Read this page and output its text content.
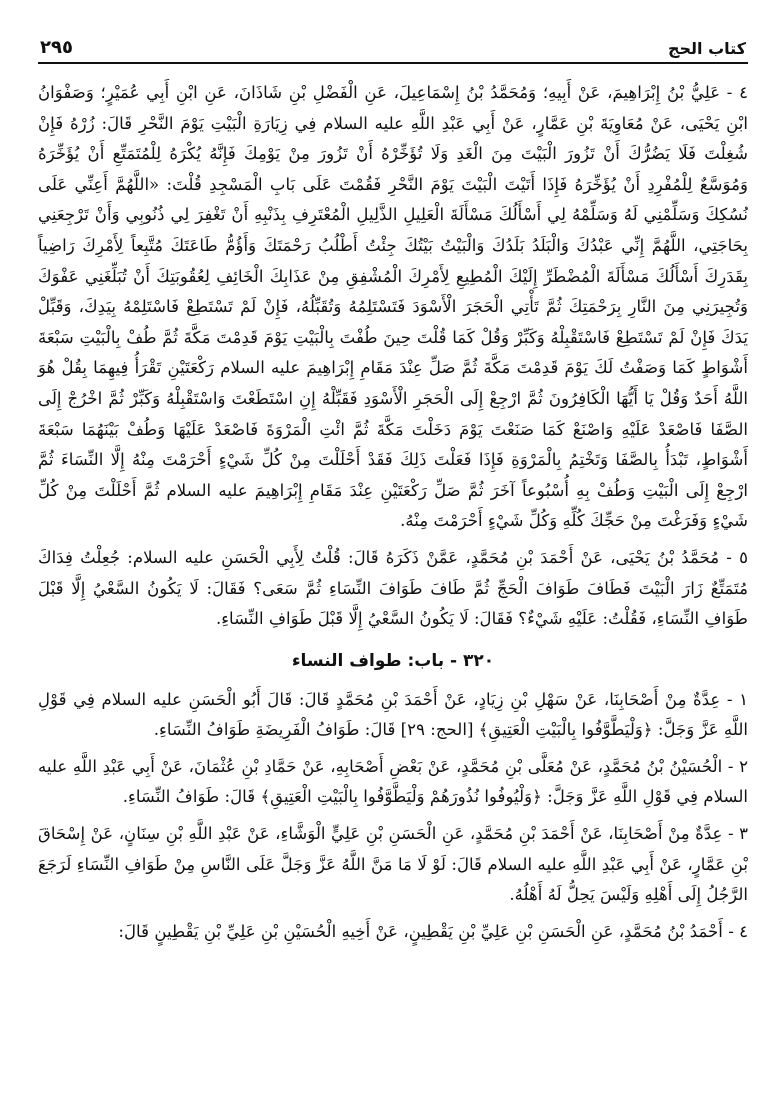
كتاب الحج
٢٩٥

٤ - عَلِيُّ بْنُ إِبْرَاهِيمَ، عَنْ أَبِيهِ؛ وَمُحَمَّدُ بْنُ إِسْمَاعِيلَ، عَنِ الْفَضْلِ بْنِ شَاذَانَ، عَنِ ابْنِ أَبِي عُمَيْرٍ؛ وَصَفْوَانُ ابْنِ يَحْيَى، عَنْ مُعَاوِيَةَ بْنِ عَمَّارٍ، عَنْ أَبِي عَبْدِ اللَّهِ عليه السلام فِي زِيَارَةِ الْبَيْتِ يَوْمَ النَّحْرِ قَالَ: زُرْهُ فَإِنْ شُغِلْتَ فَلَا يَضُرُّكَ أَنْ تَزُورَ الْبَيْتَ مِنَ الْغَدِ وَلَا تُؤَخِّرْهُ أَنْ تَزُورَ مِنْ يَوْمِكَ فَإِنَّهُ يُكْرَهُ لِلْمُتَمَتِّعِ أَنْ يُؤَخِّرَهُ وَمُوَسَّعٌ لِلْمُفْرِدِ أَنْ يُؤَخِّرَهُ فَإِذَا أَتَيْتَ الْبَيْتَ يَوْمَ النَّحْرِ فَقُمْتَ عَلَى بَابِ الْمَسْجِدِ قُلْتَ: «اللَّهُمَّ أَعِنِّي عَلَى نُسُكِكَ وَسَلِّمْنِي لَهُ وَسَلِّمْهُ لِي أَسْأَلُكَ مَسْأَلَةَ الْعَلِيلِ الذَّلِيلِ الْمُعْتَرِفِ بِذَنْبِهِ أَنْ تَغْفِرَ لِي ذُنُوبِي وَأَنْ تَرْجِعَنِي بِحَاجَتِي، اللَّهُمَّ إِنِّي عَبْدُكَ وَالْبَلَدُ بَلَدُكَ وَالْبَيْتُ بَيْتُكَ جِئْتُ أَطْلُبُ رَحْمَتَكَ وَأَؤُمُّ طَاعَتَكَ مُتَّبِعاً لِأَمْرِكَ رَاضِياً بِقَدَرِكَ أَسْأَلُكَ مَسْأَلَةَ الْمُضْطَرِّ إِلَيْكَ الْمُطِيعِ لِأَمْرِكَ الْمُشْفِقِ مِنْ عَذَابِكَ الْخَائِفِ لِعُقُوبَتِكَ أَنْ تُبَلِّغَنِي عَفْوَكَ وَتُجِيرَنِي مِنَ النَّارِ بِرَحْمَتِكَ ثُمَّ تَأْتِي الْحَجَرَ الْأَسْوَدَ فَتَسْتَلِمُهُ وَتُقَبِّلُهُ، فَإِنْ لَمْ تَسْتَطِعْ فَاسْتَلِمْهُ بِيَدِكَ، وَقَبِّلْ يَدَكَ فَإِنْ لَمْ تَسْتَطِعْ فَاسْتَقْبِلْهُ وَكَبِّرْ وَقُلْ كَمَا قُلْتَ حِينَ طُفْتَ بِالْبَيْتِ يَوْمَ قَدِمْتَ مَكَّةَ ثُمَّ طُفْ بِالْبَيْتِ سَبْعَةَ أَشْوَاطٍ كَمَا وَصَفْتُ لَكَ يَوْمَ قَدِمْتَ مَكَّةَ ثُمَّ صَلِّ عِنْدَ مَقَامِ إِبْرَاهِيمَ عليه السلام رَكْعَتَيْنِ تَقْرَأُ فِيهِمَا بِقُلْ هُوَ اللَّهُ أَحَدٌ وَقُلْ يَا أَيُّهَا الْكَافِرُونَ ثُمَّ ارْجِعْ إِلَى الْحَجَرِ الْأَسْوَدِ فَقَبِّلْهُ إِنِ اسْتَطَعْتَ وَاسْتَقْبِلْهُ وَكَبِّرْ ثُمَّ اخْرُجْ إِلَى الصَّفَا فَاصْعَدْ عَلَيْهِ وَاصْنَعْ كَمَا صَنَعْتَ يَوْمَ دَخَلْتَ مَكَّةَ ثُمَّ ائْتِ الْمَرْوَةَ فَاصْعَدْ عَلَيْهَا وَطُفْ بَيْنَهُمَا سَبْعَةَ أَشْوَاطٍ، تَبْدَأُ بِالصَّفَا وَتَخْتِمُ بِالْمَرْوَةِ فَإِذَا فَعَلْتَ ذَلِكَ فَقَدْ أَحْلَلْتَ مِنْ كُلِّ شَيْءٍ أَحْرَمْتَ مِنْهُ إِلَّا النِّسَاءَ ثُمَّ ارْجِعْ إِلَى الْبَيْتِ وَطُفْ بِهِ أُسْبُوعاً آخَرَ ثُمَّ صَلِّ رَكْعَتَيْنِ عِنْدَ مَقَامِ إِبْرَاهِيمَ عليه السلام ثُمَّ أَحْلَلْتَ مِنْ كُلِّ شَيْءٍ وَفَرَغْتَ مِنْ حَجِّكَ كُلِّهِ وَكُلِّ شَيْءٍ أَحْرَمْتَ مِنْهُ.

٥ - مُحَمَّدُ بْنُ يَحْيَى، عَنْ أَحْمَدَ بْنِ مُحَمَّدٍ، عَمَّنْ ذَكَرَهُ قَالَ: قُلْتُ لِأَبِي الْحَسَنِ عليه السلام: جُعِلْتُ فِدَاكَ مُتَمَتِّعٌ زَارَ الْبَيْتَ فَطَافَ طَوَافَ الْحَجِّ ثُمَّ طَافَ طَوَافَ النِّسَاءِ ثُمَّ سَعَى؟ فَقَالَ: لَا يَكُونُ السَّعْيُ إِلَّا قَبْلَ طَوَافِ النِّسَاءِ، فَقُلْتُ: عَلَيْهِ شَيْءٌ؟ فَقَالَ: لَا يَكُونُ السَّعْيُ إِلَّا قَبْلَ طَوَافِ النِّسَاءِ.

٣٢٠ - باب: طواف النساء

١ - عِدَّةٌ مِنْ أَصْحَابِنَا، عَنْ سَهْلِ بْنِ زِيَادٍ، عَنْ أَحْمَدَ بْنِ مُحَمَّدٍ قَالَ: قَالَ أَبُو الْحَسَنِ عليه السلام فِي قَوْلِ اللَّهِ عَزَّ وَجَلَّ: ﴿وَلْيَطَّوَّفُوا بِالْبَيْتِ الْعَتِيقِ﴾ [الحج: ٢٩] قَالَ: طَوَافُ الْفَرِيضَةِ طَوَافُ النِّسَاءِ.

٢ - الْحُسَيْنُ بْنُ مُحَمَّدٍ، عَنْ مُعَلَّى بْنِ مُحَمَّدٍ، عَنْ بَعْضِ أَصْحَابِهِ، عَنْ حَمَّادِ بْنِ عُثْمَانَ، عَنْ أَبِي عَبْدِ اللَّهِ عليه السلام فِي قَوْلِ اللَّهِ عَزَّ وَجَلَّ: ﴿وَلْيُوفُوا نُذُورَهُمْ وَلْيَطَّوَّفُوا بِالْبَيْتِ الْعَتِيقِ﴾ قَالَ: طَوَافُ النِّسَاءِ.

٣ - عِدَّةٌ مِنْ أَصْحَابِنَا، عَنْ أَحْمَدَ بْنِ مُحَمَّدٍ، عَنِ الْحَسَنِ بْنِ عَلِيٍّ الْوَشَّاءِ، عَنْ عَبْدِ اللَّهِ بْنِ سِنَانٍ، عَنْ إِسْحَاقَ بْنِ عَمَّارٍ، عَنْ أَبِي عَبْدِ اللَّهِ عليه السلام قَالَ: لَوْ لَا مَا مَنَّ اللَّهُ عَزَّ وَجَلَّ عَلَى النَّاسِ مِنْ طَوَافِ النِّسَاءِ لَرَجَعَ الرَّجُلُ إِلَى أَهْلِهِ وَلَيْسَ يَحِلُّ لَهُ أَهْلُهُ.

٤ - أَحْمَدُ بْنُ مُحَمَّدٍ، عَنِ الْحَسَنِ بْنِ عَلِيِّ بْنِ يَقْطِينٍ، عَنْ أَخِيهِ الْحُسَيْنِ بْنِ عَلِيِّ بْنِ يَقْطِينٍ قَالَ:
